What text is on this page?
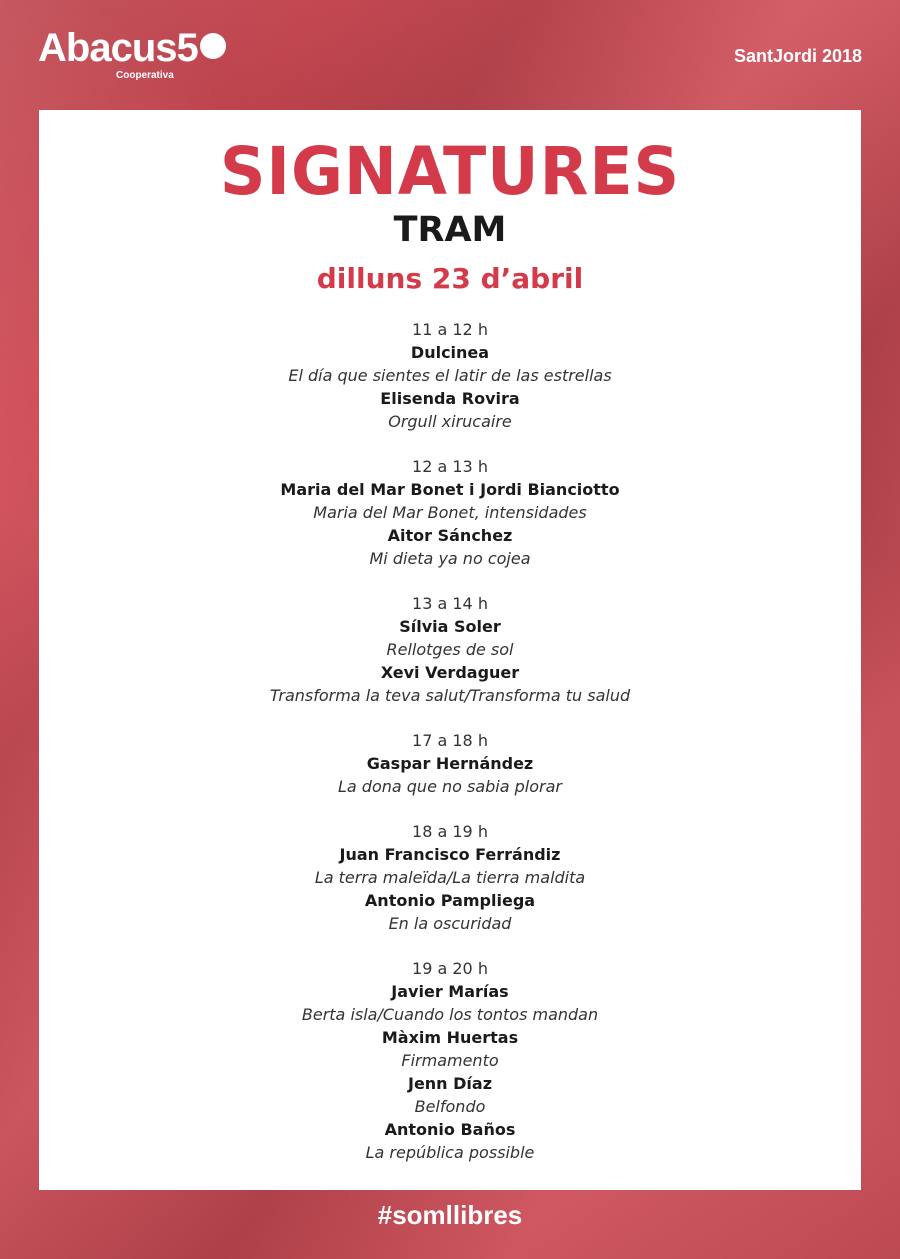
Abacus5
Cooperativa
SantJordi 2018
SIGNATURES
TRAM
dilluns 23 d’abril
11 a 12 h
Dulcinea
El día que sientes el latir de las estrellas
Elisenda Rovira
Orgull xirucaire
12 a 13 h
Maria del Mar Bonet i Jordi Bianciotto
Maria del Mar Bonet, intensidades
Aitor Sánchez
Mi dieta ya no cojea
13 a 14 h
Sílvia Soler
Rellotges de sol
Xevi Verdaguer
Transforma la teva salut/Transforma tu salud
17 a 18 h
Gaspar Hernández
La dona que no sabia plorar
18 a 19 h
Juan Francisco Ferrándiz
La terra maleïda/La tierra maldita
Antonio Pampliega
En la oscuridad
19 a 20 h
Javier Marías
Berta isla/Cuando los tontos mandan
Màxim Huertas
Firmamento
Jenn Díaz
Belfondo
Antonio Baños
La república possible
#somllibres
